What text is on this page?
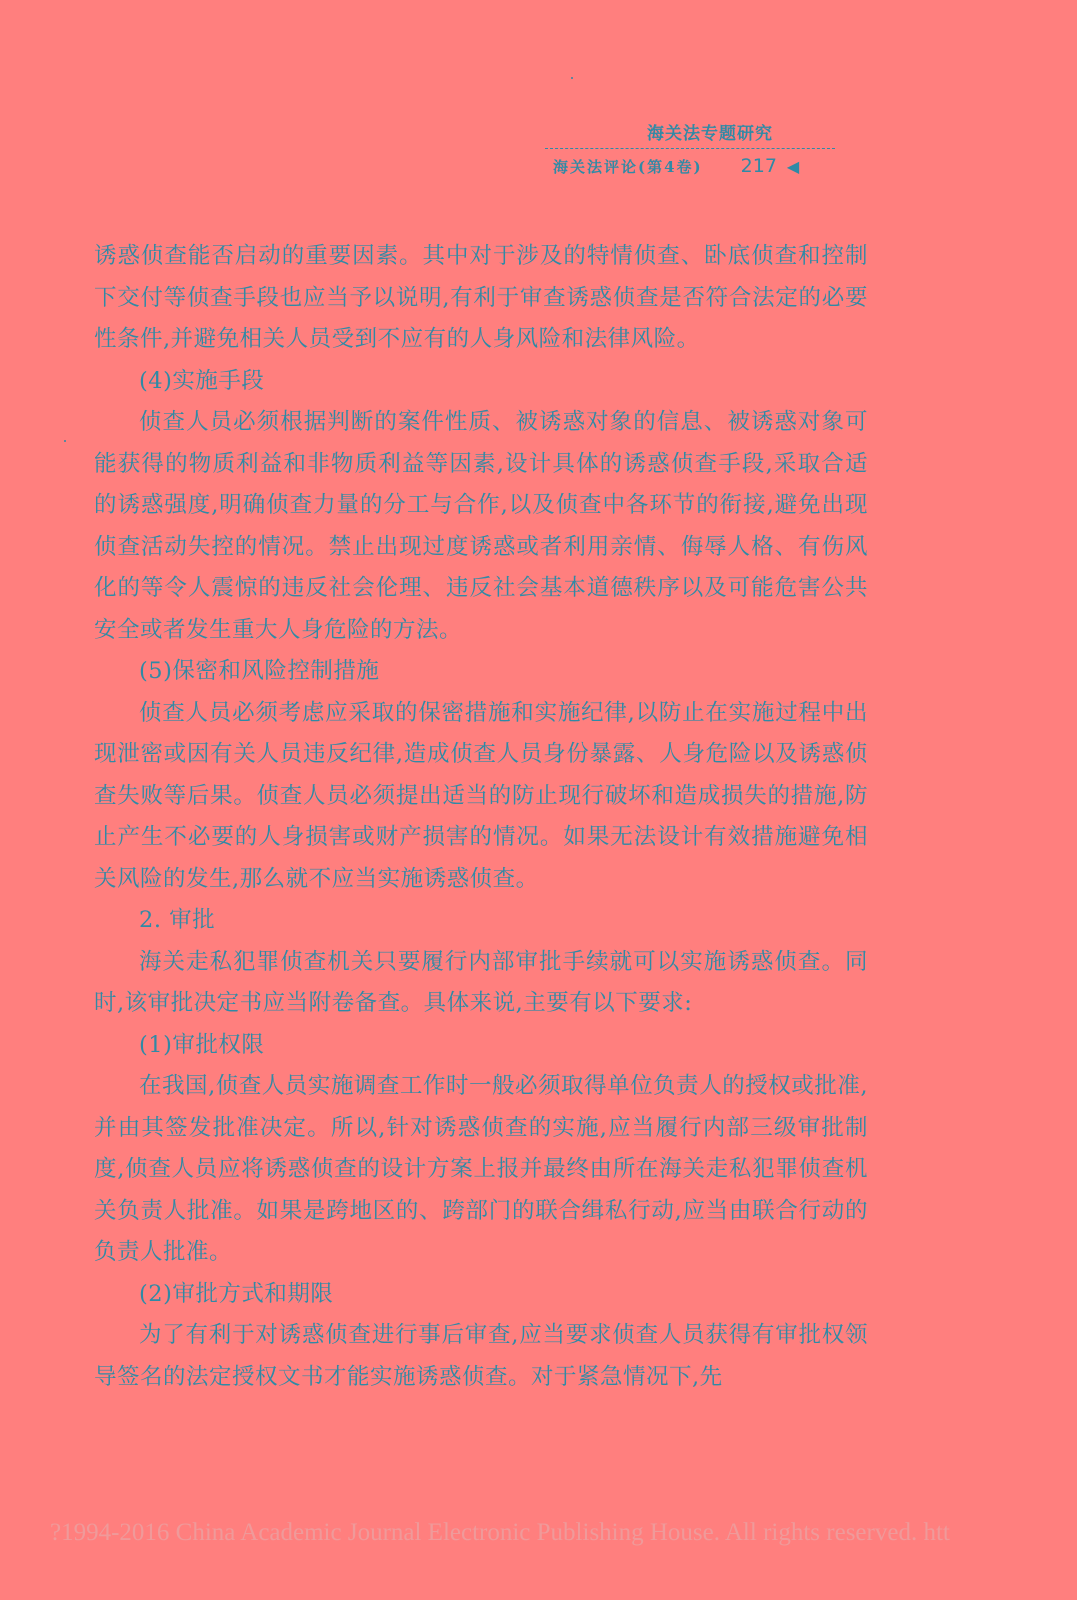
海关法专题研究
海关法评论(第4卷) 217 ◀

诱惑侦查能否启动的重要因素。其中对于涉及的特情侦查、卧底侦查和控制下交付等侦查手段也应当予以说明,有利于审查诱惑侦查是否符合法定的必要性条件,并避免相关人员受到不应有的人身风险和法律风险。

(4)实施手段

侦查人员必须根据判断的案件性质、被诱惑对象的信息、被诱惑对象可能获得的物质利益和非物质利益等因素,设计具体的诱惑侦查手段,采取合适的诱惑强度,明确侦查力量的分工与合作,以及侦查中各环节的衔接,避免出现侦查活动失控的情况。禁止出现过度诱惑或者利用亲情、侮辱人格、有伤风化的等令人震惊的违反社会伦理、违反社会基本道德秩序以及可能危害公共安全或者发生重大人身危险的方法。

(5)保密和风险控制措施

侦查人员必须考虑应采取的保密措施和实施纪律,以防止在实施过程中出现泄密或因有关人员违反纪律,造成侦查人员身份暴露、人身危险以及诱惑侦查失败等后果。侦查人员必须提出适当的防止现行破坏和造成损失的措施,防止产生不必要的人身损害或财产损害的情况。如果无法设计有效措施避免相关风险的发生,那么就不应当实施诱惑侦查。

2. 审批

海关走私犯罪侦查机关只要履行内部审批手续就可以实施诱惑侦查。同时,该审批决定书应当附卷备查。具体来说,主要有以下要求:

(1)审批权限

在我国,侦查人员实施调查工作时一般必须取得单位负责人的授权或批准,并由其签发批准决定。所以,针对诱惑侦查的实施,应当履行内部三级审批制度,侦查人员应将诱惑侦查的设计方案上报并最终由所在海关走私犯罪侦查机关负责人批准。如果是跨地区的、跨部门的联合缉私行动,应当由联合行动的负责人批准。

(2)审批方式和期限

为了有利于对诱惑侦查进行事后审查,应当要求侦查人员获得有审批权领导签名的法定授权文书才能实施诱惑侦查。对于紧急情况下,先

?1994-2016 China Academic Journal Electronic Publishing House. All rights reserved. htt
